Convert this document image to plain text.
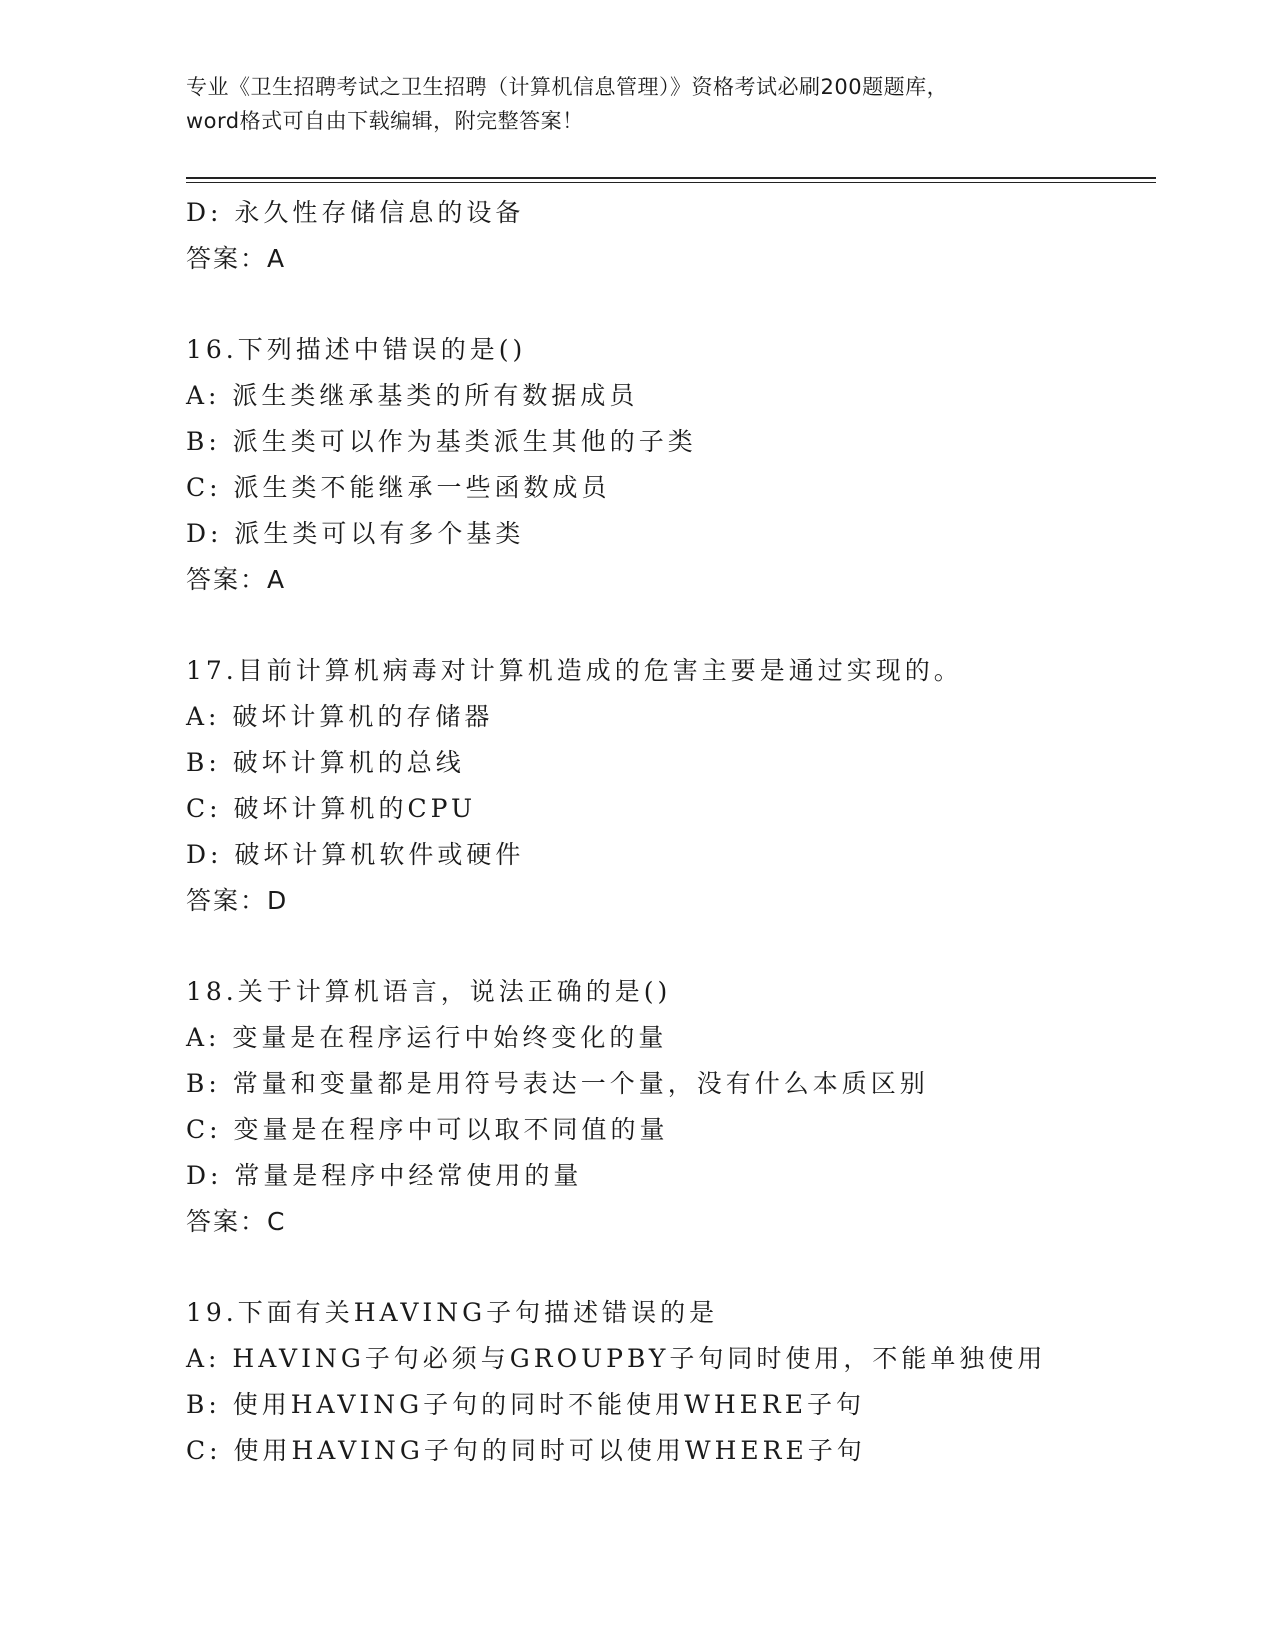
专业《卫生招聘考试之卫生招聘（计算机信息管理）》资格考试必刷200题题库，
word格式可自由下载编辑，附完整答案！
D: 永久性存储信息的设备
答案：A
16.下列描述中错误的是()
A: 派生类继承基类的所有数据成员
B: 派生类可以作为基类派生其他的子类
C: 派生类不能继承一些函数成员
D: 派生类可以有多个基类
答案：A
17.目前计算机病毒对计算机造成的危害主要是通过实现的。
A: 破坏计算机的存储器
B: 破坏计算机的总线
C: 破坏计算机的CPU
D: 破坏计算机软件或硬件
答案：D
18.关于计算机语言，说法正确的是()
A: 变量是在程序运行中始终变化的量
B: 常量和变量都是用符号表达一个量，没有什么本质区别
C: 变量是在程序中可以取不同值的量
D: 常量是程序中经常使用的量
答案：C
19.下面有关HAVING子句描述错误的是
A: HAVING子句必须与GROUPBY子句同时使用，不能单独使用
B: 使用HAVING子句的同时不能使用WHERE子句
C: 使用HAVING子句的同时可以使用WHERE子句
